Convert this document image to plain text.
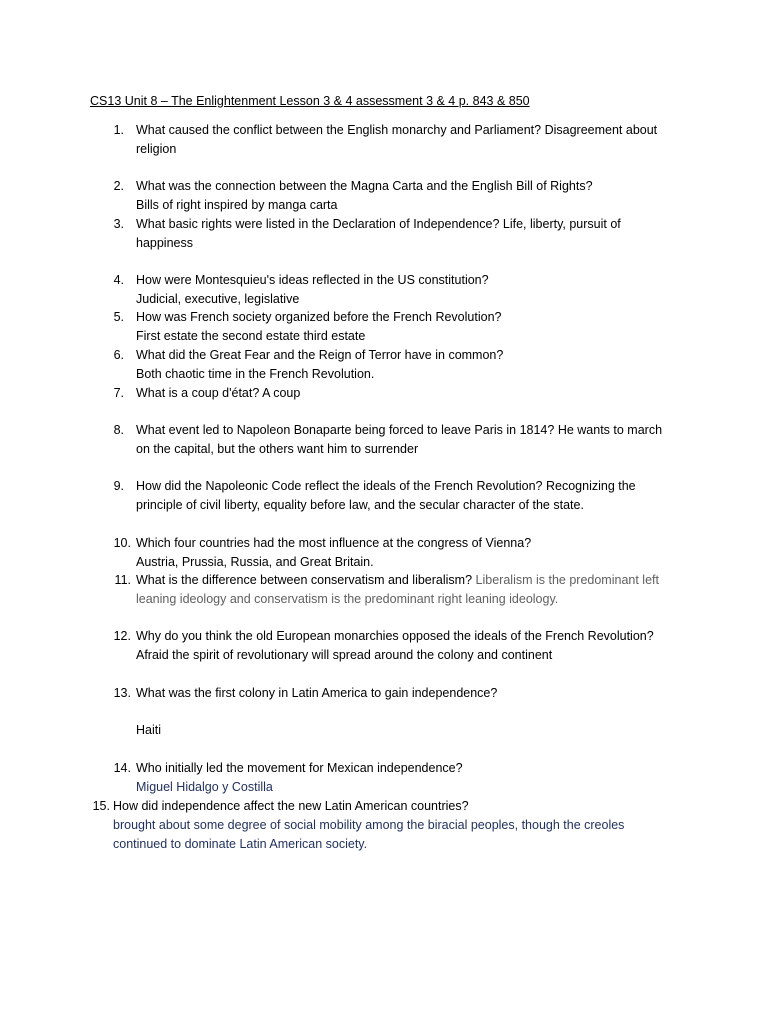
CS13 Unit 8 – The Enlightenment Lesson 3 & 4 assessment 3 & 4 p. 843 & 850
1. What caused the conflict between the English monarchy and Parliament? Disagreement about religion
2. What was the connection between the Magna Carta and the English Bill of Rights?
Bills of right inspired by manga carta
3. What basic rights were listed in the Declaration of Independence? Life, liberty, pursuit of happiness
4. How were Montesquieu's ideas reflected in the US constitution?
Judicial, executive, legislative
5. How was French society organized before the French Revolution?
First estate the second estate third estate
6. What did the Great Fear and the Reign of Terror have in common?
Both chaotic time in the French Revolution.
7. What is a coup d'état? A coup
8. What event led to Napoleon Bonaparte being forced to leave Paris in 1814? He wants to march on the capital, but the others want him to surrender
9. How did the Napoleonic Code reflect the ideals of the French Revolution? Recognizing the principle of civil liberty, equality before law, and the secular character of the state.
10. Which four countries had the most influence at the congress of Vienna?
Austria, Prussia, Russia, and Great Britain.
11. What is the difference between conservatism and liberalism? Liberalism is the predominant left leaning ideology and conservatism is the predominant right leaning ideology.
12. Why do you think the old European monarchies opposed the ideals of the French Revolution?
Afraid the spirit of revolutionary will spread around the colony and continent
13. What was the first colony in Latin America to gain independence?
Haiti
14. Who initially led the movement for Mexican independence?
Miguel Hidalgo y Costilla
15. How did independence affect the new Latin American countries?
brought about some degree of social mobility among the biracial peoples, though the creoles continued to dominate Latin American society.
